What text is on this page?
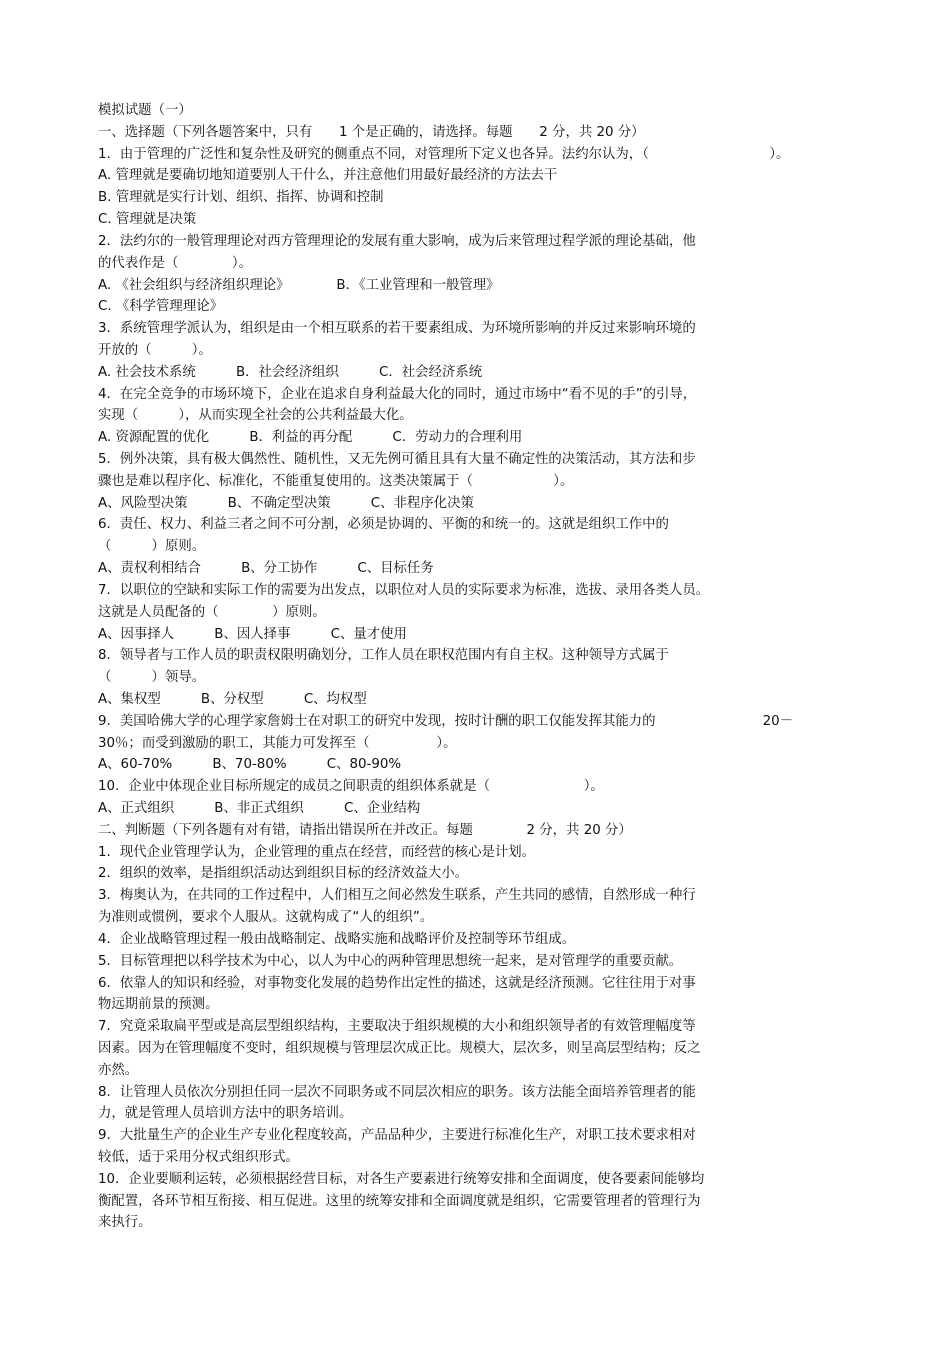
模拟试题（一）
一、选择题（下列各题答案中，只有　　1 个是正确的，请选择。每题　　2 分，共 20 分）
1．由于管理的广泛性和复杂性及研究的侧重点不同，对管理所下定义也各异。法约尔认为，（　　　　　　　　　）。
A. 管理就是要确切地知道要别人干什么，并注意他们用最好最经济的方法去干
B. 管理就是实行计划、组织、指挥、协调和控制
C. 管理就是决策
2．法约尔的一般管理理论对西方管理理论的发展有重大影响，成为后来管理过程学派的理论基础，他
的代表作是（　　　　）。
A. 《社会组织与经济组织理论》　　　　B．《工业管理和一般管理》
C. 《科学管理理论》
3．系统管理学派认为，组织是由一个相互联系的若干要素组成、为环境所影响的并反过来影响环境的
开放的（　　　）。
A. 社会技术系统　　　B．社会经济组织　　　C．社会经济系统
4．在完全竞争的市场环境下，企业在追求自身利益最大化的同时，通过市场中“看不见的手”的引导，
实现（　　　），从而实现全社会的公共利益最大化。
A. 资源配置的优化　　　B．利益的再分配　　　C．劳动力的合理利用
5．例外决策，具有极大偶然性、随机性，又无先例可循且具有大量不确定性的决策活动，其方法和步
骤也是难以程序化、标准化，不能重复使用的。这类决策属于（　　　　　　）。
A、风险型决策　　　B、不确定型决策　　　C、非程序化决策
6．责任、权力、利益三者之间不可分割，必须是协调的、平衡的和统一的。这就是组织工作中的
（　　　）原则。
A、责权利相结合　　　B、分工协作　　　C、目标任务
7．以职位的空缺和实际工作的需要为出发点，以职位对人员的实际要求为标准，选拔、录用各类人员。
这就是人员配备的（　　　　）原则。
A、因事择人　　　B、因人择事　　　C、量才使用
8．领导者与工作人员的职责权限明确划分，工作人员在职权范围内有自主权。这种领导方式属于
（　　　）领导。
A、集权型　　　B、分权型　　　C、均权型
9．美国哈佛大学的心理学家詹姆士在对职工的研究中发现，按时计酬的职工仅能发挥其能力的　　　　　　　　20－
30％；而受到激励的职工，其能力可发挥至（　　　　　）。
A、60-70%　　　B、70-80%　　　C、80-90%
10．企业中体现企业目标所规定的成员之间职责的组织体系就是（　　　　　　　）。
A、正式组织　　　B、非正式组织　　　C、企业结构
二、判断题（下列各题有对有错，请指出错误所在并改正。每题　　　　2 分，共 20 分）
1．现代企业管理学认为，企业管理的重点在经营，而经营的核心是计划。
2．组织的效率，是指组织活动达到组织目标的经济效益大小。
3．梅奥认为，在共同的工作过程中，人们相互之间必然发生联系，产生共同的感情，自然形成一种行
为准则或惯例，要求个人服从。这就构成了“人的组织”。
4．企业战略管理过程一般由战略制定、战略实施和战略评价及控制等环节组成。
5．目标管理把以科学技术为中心，以人为中心的两种管理思想统一起来，是对管理学的重要贡献。
6．依靠人的知识和经验，对事物变化发展的趋势作出定性的描述，这就是经济预测。它往往用于对事
物远期前景的预测。
7．究竟采取扁平型或是高层型组织结构，主要取决于组织规模的大小和组织领导者的有效管理幅度等
因素。因为在管理幅度不变时，组织规模与管理层次成正比。规模大，层次多，则呈高层型结构；反之
亦然。
8．让管理人员依次分别担任同一层次不同职务或不同层次相应的职务。该方法能全面培养管理者的能
力，就是管理人员培训方法中的职务培训。
9．大批量生产的企业生产专业化程度较高，产品品种少，主要进行标准化生产，对职工技术要求相对
较低，适于采用分权式组织形式。
10．企业要顺利运转，必须根据经营目标，对各生产要素进行统筹安排和全面调度，使各要素间能够均
衡配置，各环节相互衔接、相互促进。这里的统筹安排和全面调度就是组织，它需要管理者的管理行为
来执行。
